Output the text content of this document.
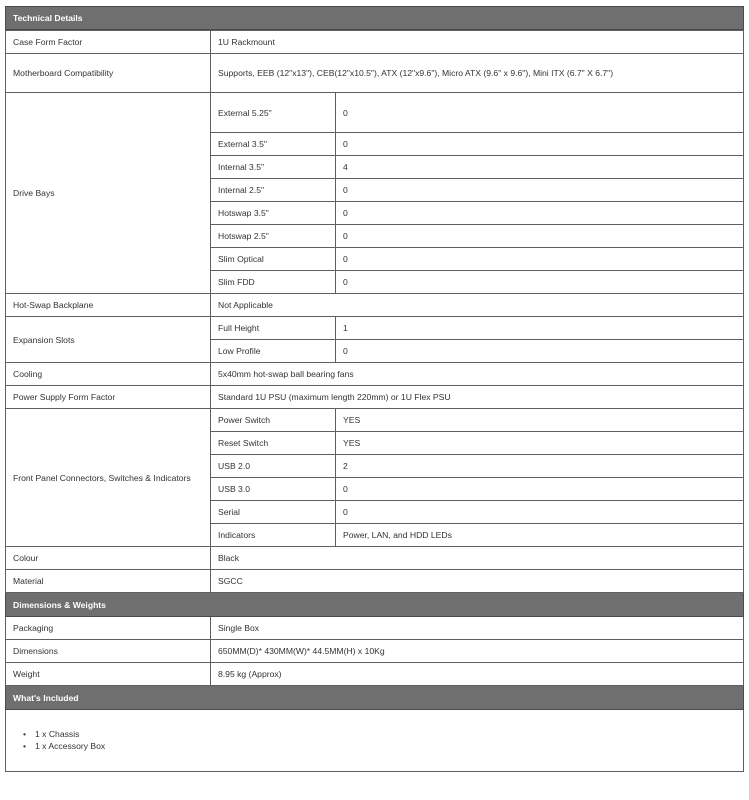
Technical Details
Case Form Factor	1U Rackmount	
Motherboard Compatibility	Supports, EEB (12"x13"), CEB(12"x10.5"), ATX (12"x9.6"), Micro ATX (9.6" x 9.6"), Mini ITX (6.7" X 6.7")	
Drive Bays	External 5.25"	0
	External 3.5"	0
	Internal 3.5"	4
	Internal 2.5"	0
	Hotswap 3.5"	0
	Hotswap 2.5"	0
	Slim Optical	0
	Slim FDD	0
Hot-Swap Backplane	Not Applicable	
Expansion Slots	Full Height	1
	Low Profile	0
Cooling	5x40mm hot-swap ball bearing fans	
Power Supply Form Factor	Standard 1U PSU (maximum length 220mm) or 1U Flex PSU	
Front Panel Connectors, Switches & Indicators	Power Switch	YES
	Reset Switch	YES
	USB 2.0	2
	USB 3.0	0
	Serial	0
	Indicators	Power, LAN, and HDD LEDs
Colour	Black	
Material	SGCC	
Dimensions & Weights
Packaging	Single Box
Dimensions	650MM(D)* 430MM(W)* 44.5MM(H) x 10Kg
Weight	8.95 kg (Approx)
What's Included
• 1 x Chassis
• 1 x Accessory Box
